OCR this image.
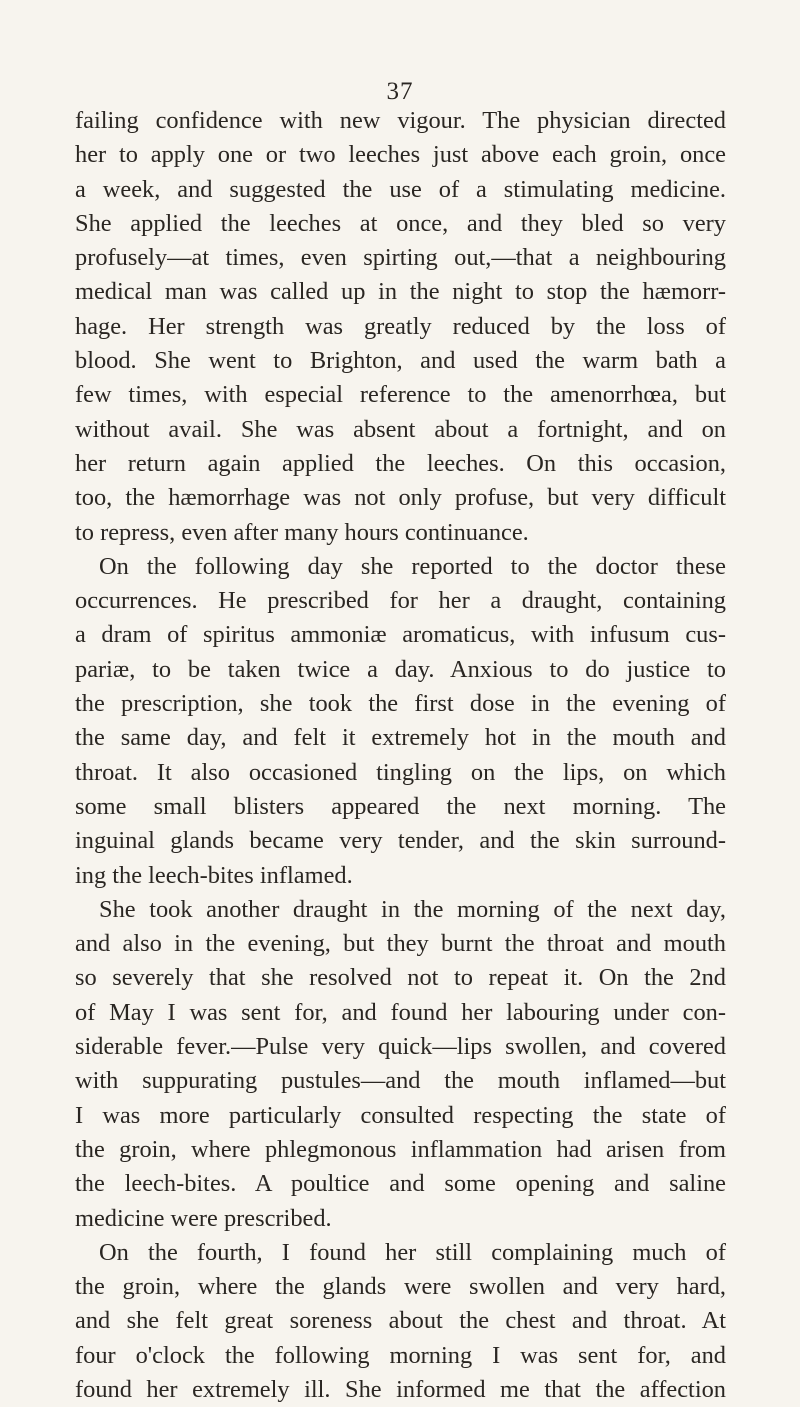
37
failing confidence with new vigour. The physician directed
her to apply one or two leeches just above each groin, once
a week, and suggested the use of a stimulating medicine.
She applied the leeches at once, and they bled so very
profusely—at times, even spirting out,—that a neighbouring
medical man was called up in the night to stop the hæmorr-
hage. Her strength was greatly reduced by the loss of
blood. She went to Brighton, and used the warm bath a
few times, with especial reference to the amenorrhœa, but
without avail. She was absent about a fortnight, and on
her return again applied the leeches. On this occasion,
too, the hæmorrhage was not only profuse, but very difficult
to repress, even after many hours continuance.
On the following day she reported to the doctor these
occurrences. He prescribed for her a draught, containing
a dram of spiritus ammoniæ aromaticus, with infusum cus-
pariæ, to be taken twice a day. Anxious to do justice to
the prescription, she took the first dose in the evening of
the same day, and felt it extremely hot in the mouth and
throat. It also occasioned tingling on the lips, on which
some small blisters appeared the next morning. The
inguinal glands became very tender, and the skin surround-
ing the leech-bites inflamed.
She took another draught in the morning of the next day,
and also in the evening, but they burnt the throat and mouth
so severely that she resolved not to repeat it. On the 2nd
of May I was sent for, and found her labouring under con-
siderable fever.—Pulse very quick—lips swollen, and covered
with suppurating pustules—and the mouth inflamed—but
I was more particularly consulted respecting the state of
the groin, where phlegmonous inflammation had arisen from
the leech-bites. A poultice and some opening and saline
medicine were prescribed.
On the fourth, I found her still complaining much of
the groin, where the glands were swollen and very hard,
and she felt great soreness about the chest and throat. At
four o'clock the following morning I was sent for, and
found her extremely ill. She informed me that the affection
